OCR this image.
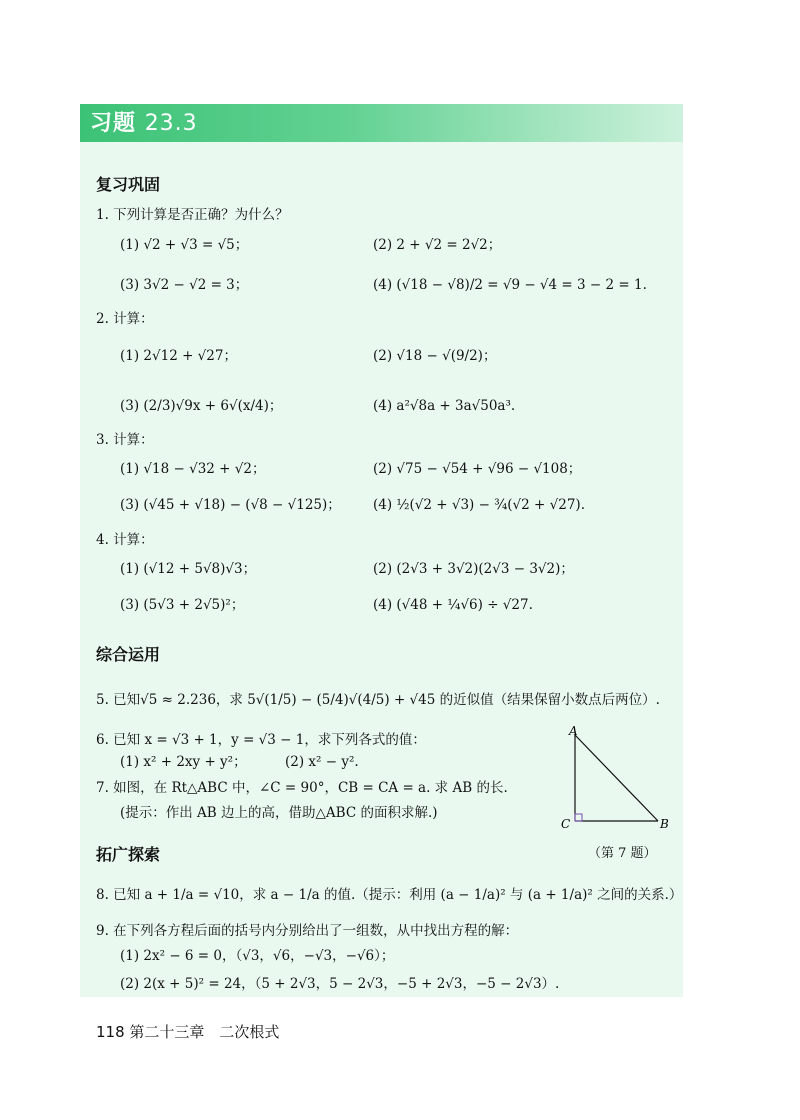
习题 23.3
复习巩固
1. 下列计算是否正确？为什么？
(1) √2 + √3 = √5；	(2) 2 + √2 = 2√2；
(3) 3√2 − √2 = 3；	(4) (√18 − √8)/2 = √9 − √4 = 3 − 2 = 1.
2. 计算：
(1) 2√12 + √27；	(2) √18 − √(9/2)；
(3) (2/3)√9x + 6√(x/4)；	(4) a²√8a + 3a√50a³.
3. 计算：
(1) √18 − √32 + √2；	(2) √75 − √54 + √96 − √108；
(3) (√45 + √18) − (√8 − √125)； (4) ½(√2 + √3) − ¾(√2 + √27).
4. 计算：
(1) (√12 + 5√8)√3；	(2) (2√3 + 3√2)(2√3 − 3√2)；
(3) (5√3 + 2√5)²；	(4) (√48 + ¼√6) ÷ √27.
综合运用
5. 已知√5 ≈ 2.236，求 5√(1/5) − (5/4)√(4/5) + √45 的近似值（结果保留小数点后两位）.
6. 已知 x = √3 + 1，y = √3 − 1，求下列各式的值：
(1) x² + 2xy + y²；	(2) x² − y².
7. 如图，在 Rt△ABC 中，∠C = 90°，CB = CA = a. 求 AB 的长.
(提示：作出 AB 边上的高，借助△ABC 的面积求解.)
A
C	B
（第 7 题）
拓广探索
8. 已知 a + 1/a = √10，求 a − 1/a 的值.（提示：利用 (a − 1/a)² 与 (a + 1/a)² 之间的关系.）
9. 在下列各方程后面的括号内分别给出了一组数，从中找出方程的解：
(1) 2x² − 6 = 0，（√3，√6，−√3，−√6）；
(2) 2(x + 5)² = 24，（5 + 2√3，5 − 2√3，−5 + 2√3，−5 − 2√3）.
118 第二十三章　二次根式
